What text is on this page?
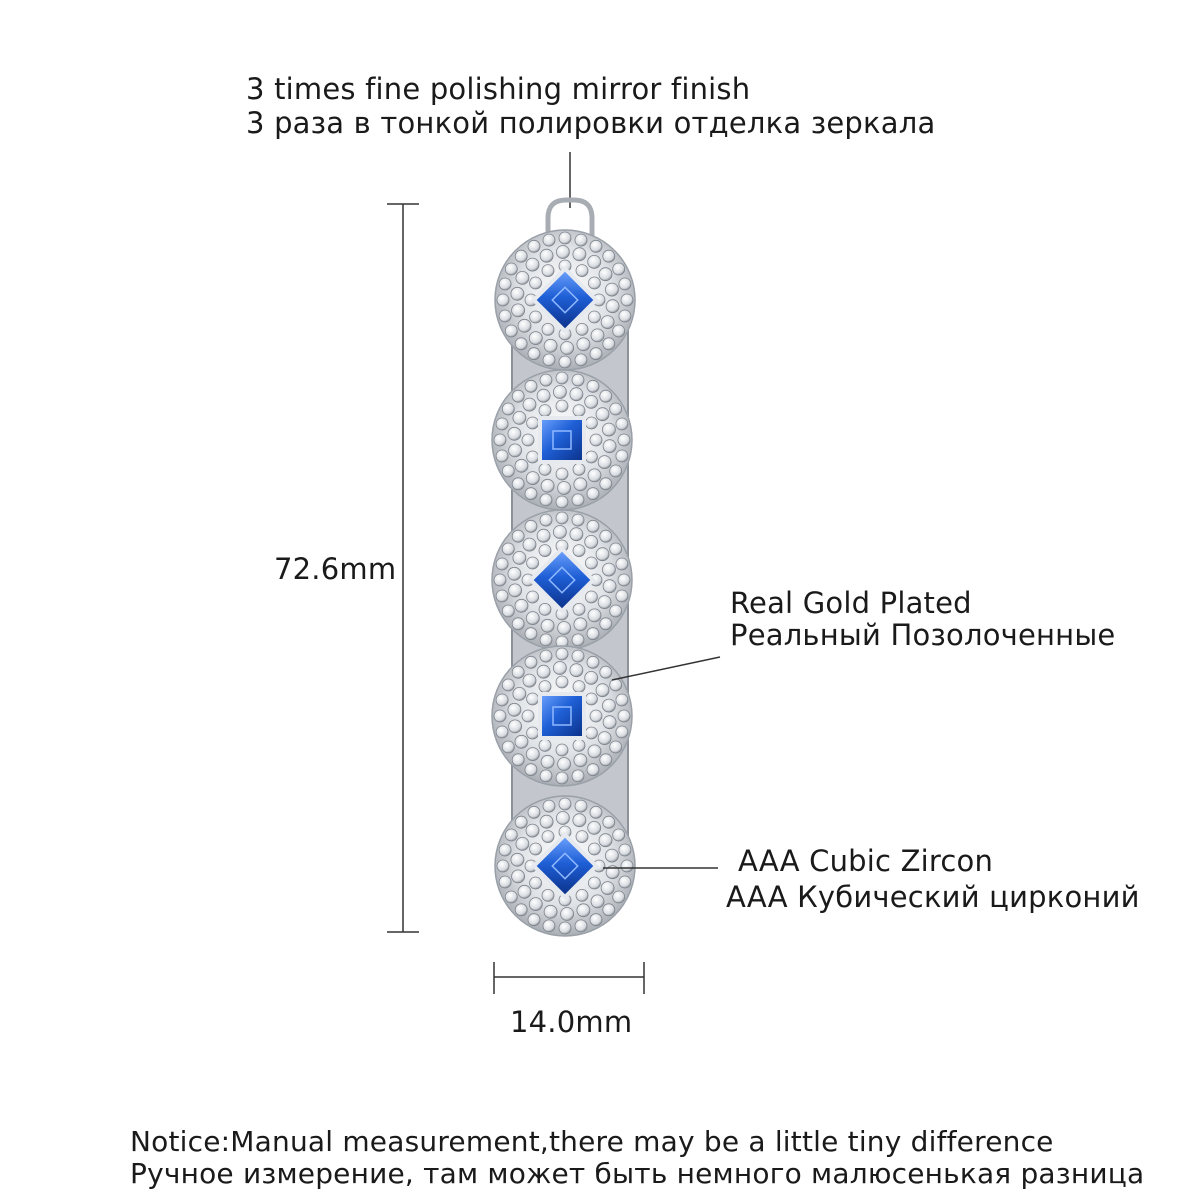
3 times fine polishing mirror finish
3 раза в тонкой полировки отделка зеркала
72.6mm
Real Gold Plated
Реальный Позолоченные
AAA Cubic Zircon
AAA Кубический цирконий
14.0mm
Notice:Manual measurement,there may be a little tiny difference
Ручное измерение, там может быть немного малюсенькая разница
